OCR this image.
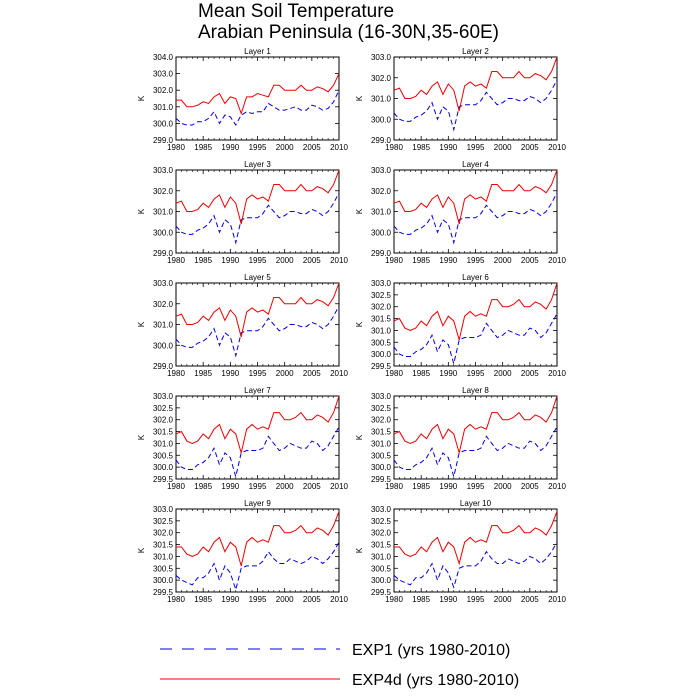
Mean Soil Temperature
Arabian Peninsula (16-30N,35-60E)
Layer 1
K
1980 1985 1990 1995 2000 2005 2010
299.0
300.0
301.0
302.0
303.0
304.0
Layer 2
K
1980 1985 1990 1995 2000 2005 2010
299.0
300.0
301.0
302.0
303.0
Layer 3
K
1980 1985 1990 1995 2000 2005 2010
299.0
300.0
301.0
302.0
303.0
Layer 4
K
1980 1985 1990 1995 2000 2005 2010
299.0
300.0
301.0
302.0
303.0
Layer 5
K
1980 1985 1990 1995 2000 2005 2010
299.0
300.0
301.0
302.0
303.0
Layer 6
K
1980 1985 1990 1995 2000 2005 2010
299.5
300.0
300.5
301.0
301.5
302.0
302.5
303.0
Layer 7
K
1980 1985 1990 1995 2000 2005 2010
299.5
300.0
300.5
301.0
301.5
302.0
302.5
303.0
Layer 8
K
1980 1985 1990 1995 2000 2005 2010
299.5
300.0
300.5
301.0
301.5
302.0
302.5
303.0
Layer 9
K
1980 1985 1990 1995 2000 2005 2010
299.5
300.0
300.5
301.0
301.5
302.0
302.5
303.0
Layer 10
K
1980 1985 1990 1995 2000 2005 2010
299.5
300.0
300.5
301.0
301.5
302.0
302.5
303.0
EXP1 (yrs 1980-2010)
EXP4d (yrs 1980-2010)
